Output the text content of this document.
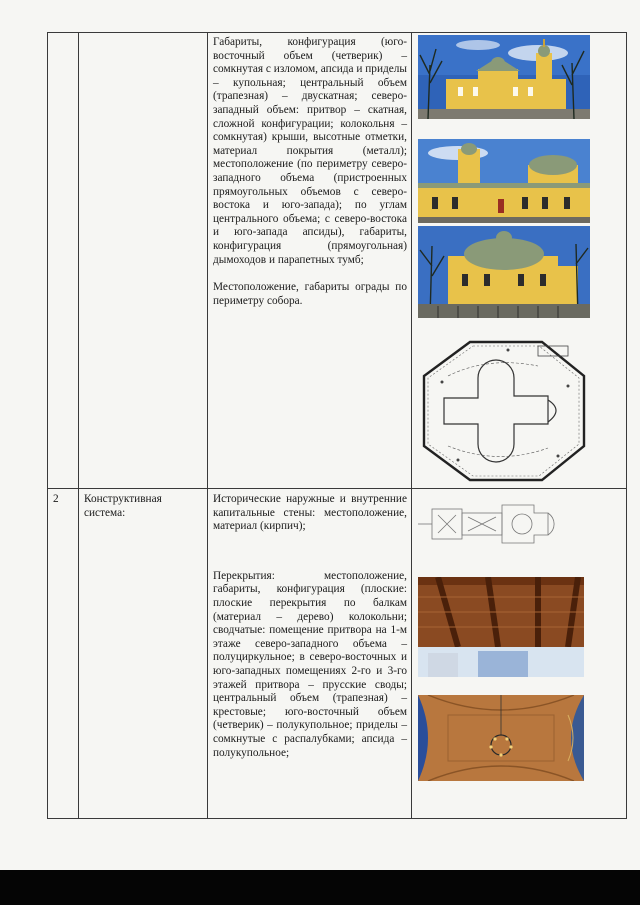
		Габариты, конфигурация (юго-восточный объем (четверик) – сомкнутая с изломом, апсида и приделы – купольная; центральный объем (трапезная) – двускатная; северо-западный объем: притвор – скатная, сложной конфигурации; колокольня – сомкнутая) крыши, высотные отметки, материал покрытия (металл); местоположение (по периметру северо-западного объема (пристроенных прямоугольных объемов с северо-востока и юго-запада); по углам центрального объема; с северо-востока и юго-запада апсиды), габариты, конфигурация (прямоугольная) дымоходов и парапетных тумб;

Местоположение, габариты ограды по периметру собора.

2	Конструктивная система:	Исторические наружные и внутренние капитальные стены: местоположение, материал (кирпич);

Перекрытия: местоположение, габариты, конфигурация (плоские: плоские перекрытия по балкам (материал – дерево) колокольни; сводчатые: помещение притвора на 1-м этаже северо-западного объема – полуциркульное; в северо-восточных и юго-западных помещениях 2-го и 3-го этажей притвора – прусские своды; центральный объем (трапезная) – крестовые; юго-восточный объем (четверик) – полукупольное; приделы – сомкнутые с распалубками; апсида – полукупольное;
